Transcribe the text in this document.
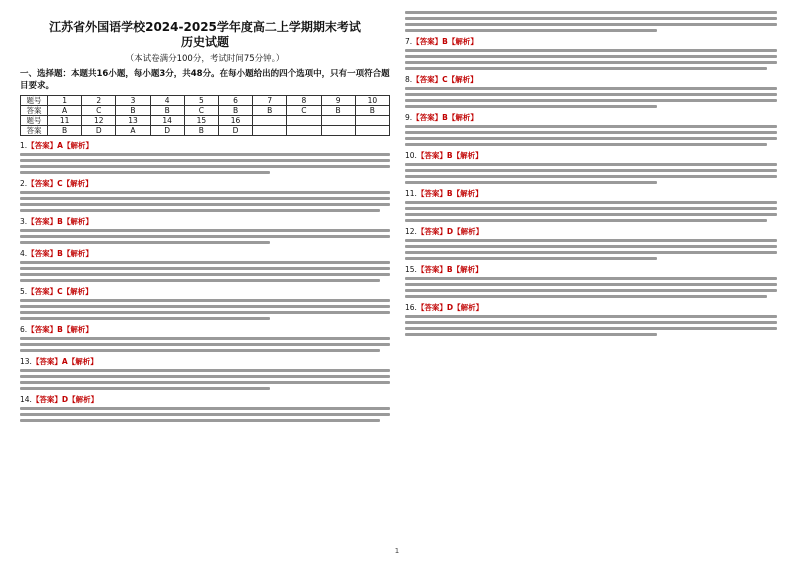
江苏省外国语学校2024-2025学年度高二上学期期末考试
历史试题
（本试卷满分100分，考试时间75分钟。）
一、选择题：本题共16小题，每小题3分，共48分。在每小题给出的四个选项中，只有一项符合题目要求。
题号	1	2	3	4	5	6	7	8	9	10
答案	A	C	B	B	C	B	B	C	B	B
题号	11	12	13	14	15	16				
答案	B	D	A	D	B	D				
1.【答案】A【解析】
2.【答案】C【解析】
3.【答案】B【解析】
4.【答案】B【解析】
5.【答案】C【解析】
6.【答案】B【解析】
13.【答案】A【解析】
14.【答案】D【解析】
7.【答案】B【解析】
8.【答案】C【解析】
9.【答案】B【解析】
10.【答案】B【解析】
11.【答案】B【解析】
12.【答案】D【解析】
15.【答案】B【解析】
16.【答案】D【解析】
1
